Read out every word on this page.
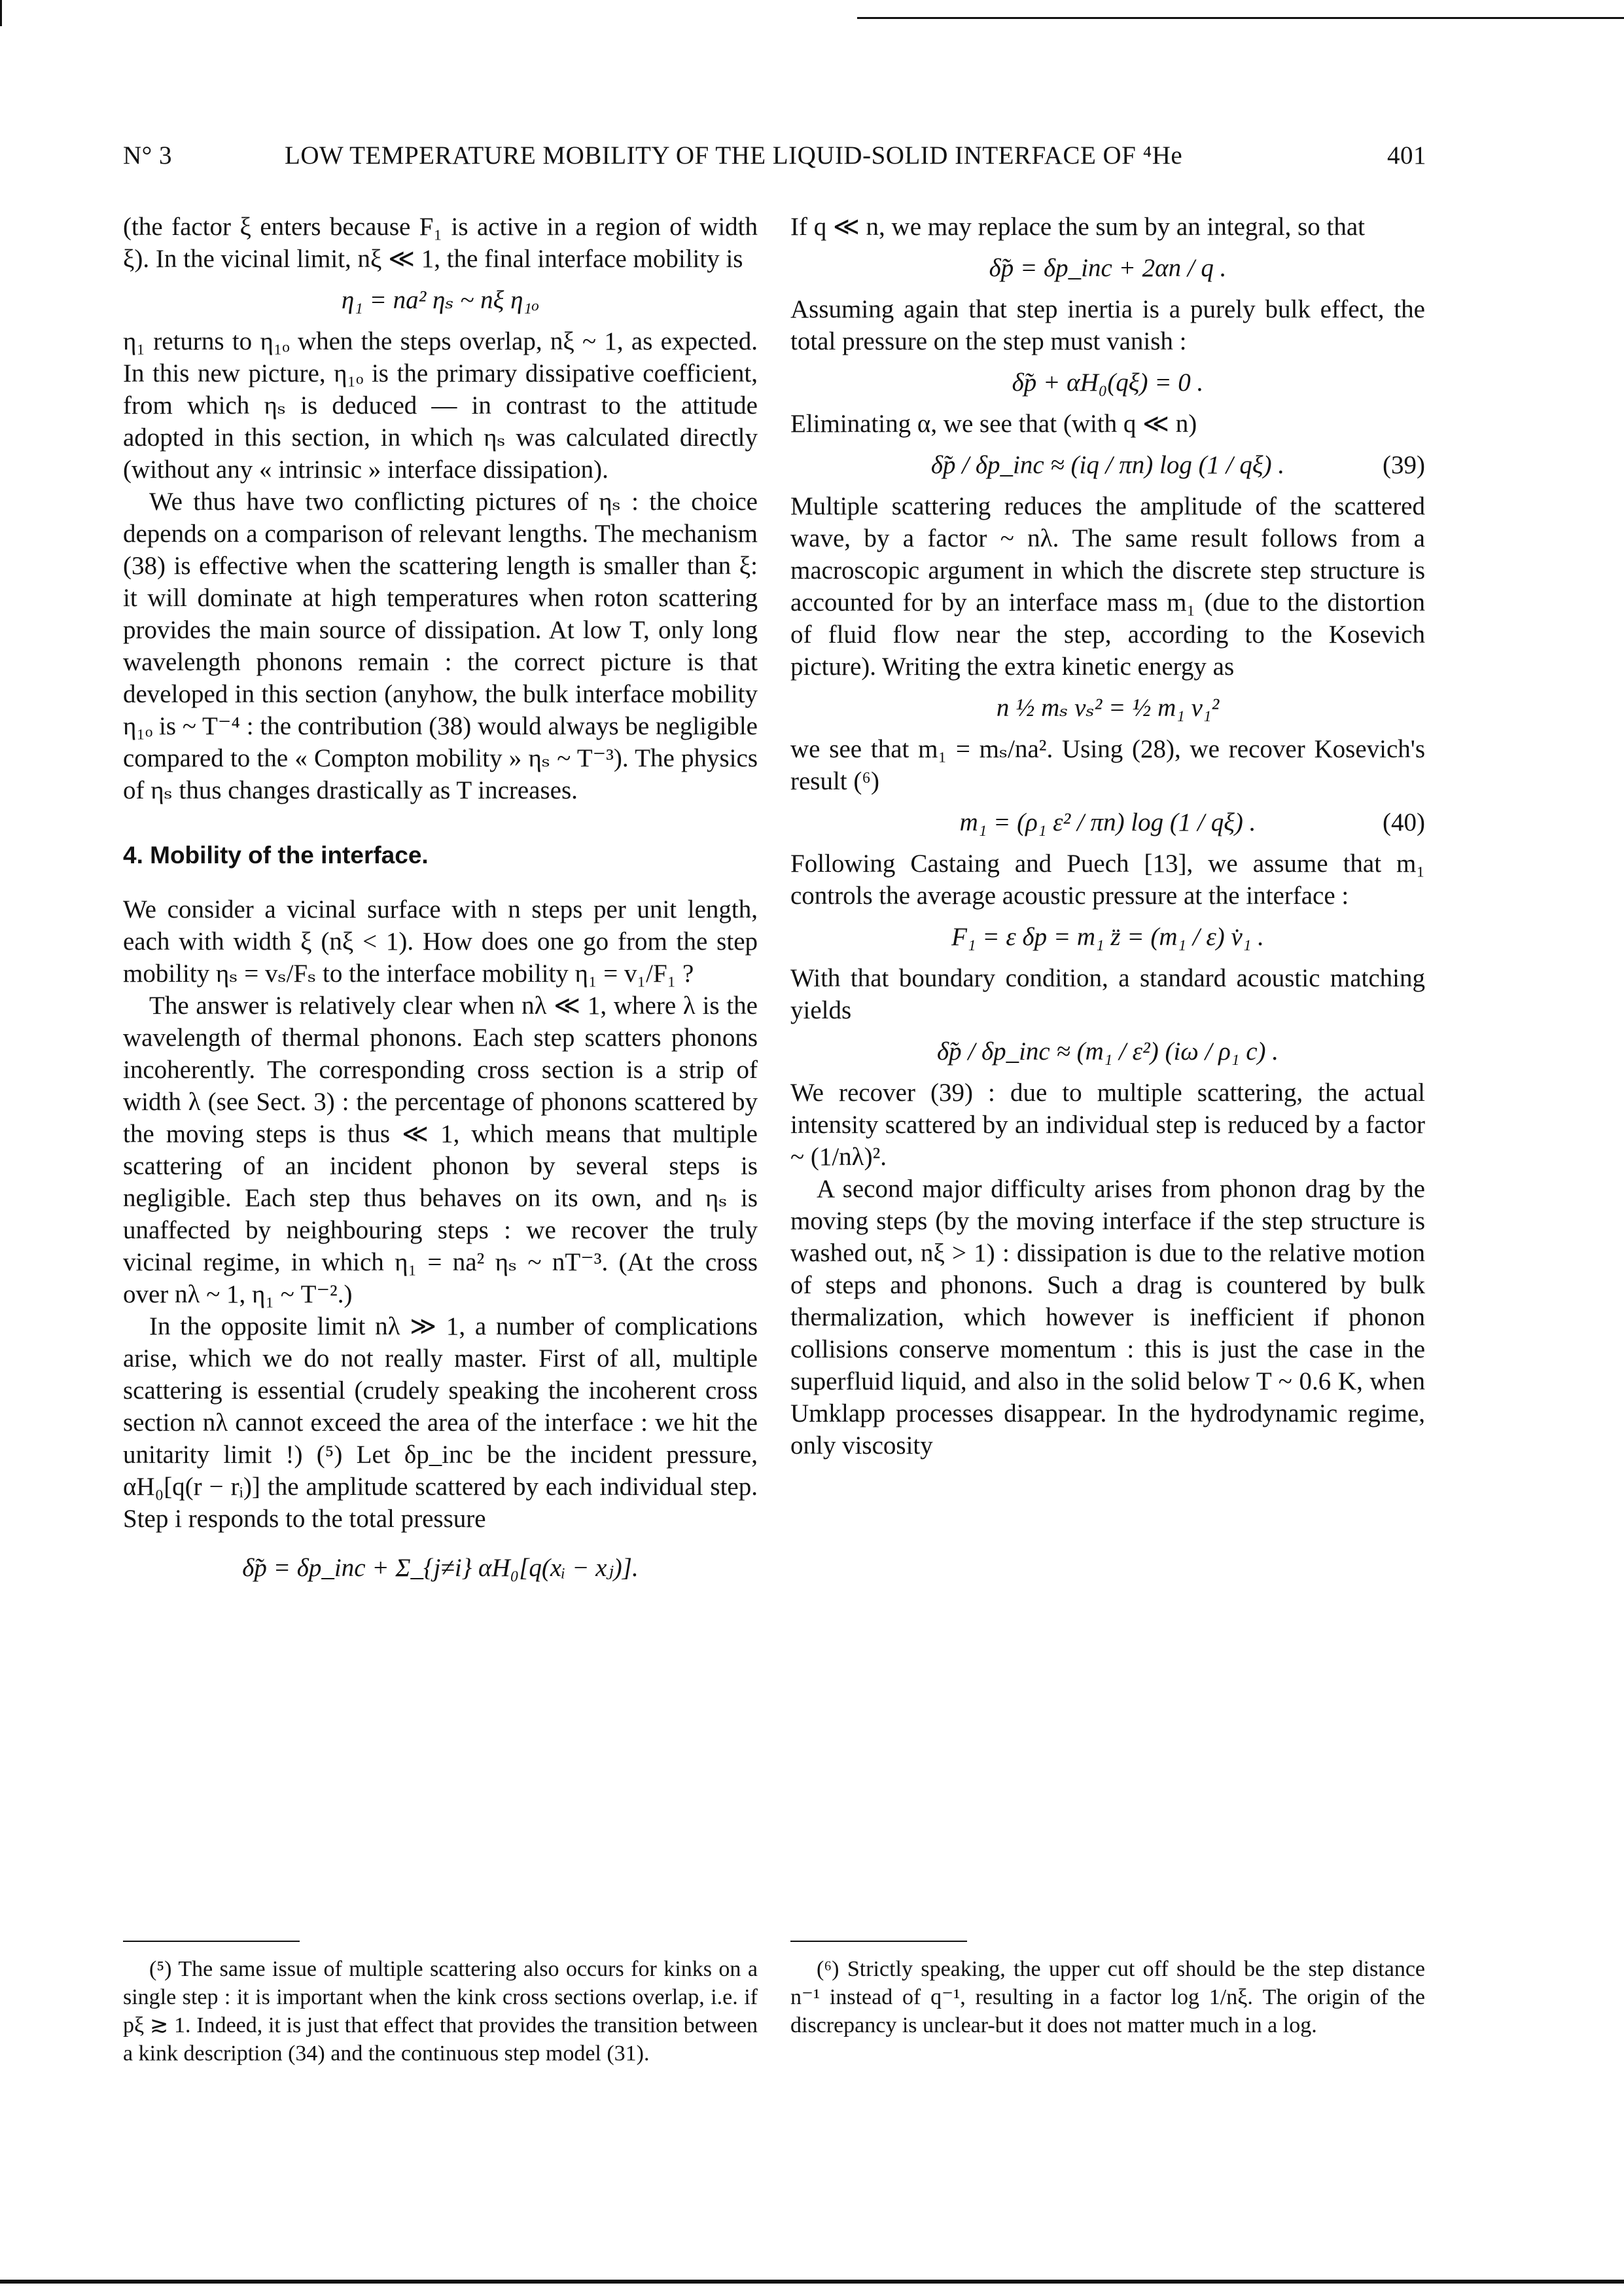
N° 3	LOW TEMPERATURE MOBILITY OF THE LIQUID-SOLID INTERFACE OF ⁴He	401

(the factor ξ enters because F₁ is active in a region of width ξ). In the vicinal limit, nξ ≪ 1, the final interface mobility is

η₁ = na² ηₛ ~ nξ η₁ₒ

η₁ returns to η₁ₒ when the steps overlap, nξ ~ 1, as expected. In this new picture, η₁ₒ is the primary dissipative coefficient, from which ηₛ is deduced — in contrast to the attitude adopted in this section, in which ηₛ was calculated directly (without any « intrinsic » interface dissipation).

We thus have two conflicting pictures of ηₛ : the choice depends on a comparison of relevant lengths. The mechanism (38) is effective when the scattering length is smaller than ξ: it will dominate at high temperatures when roton scattering provides the main source of dissipation. At low T, only long wavelength phonons remain : the correct picture is that developed in this section (anyhow, the bulk interface mobility η₁ₒ is ~ T⁻⁴ : the contribution (38) would always be negligible compared to the « Compton mobility » ηₛ ~ T⁻³). The physics of ηₛ thus changes drastically as T increases.

4. Mobility of the interface.

We consider a vicinal surface with n steps per unit length, each with width ξ (nξ < 1). How does one go from the step mobility ηₛ = vₛ/Fₛ to the interface mobility η₁ = v₁/F₁ ?

The answer is relatively clear when nλ ≪ 1, where λ is the wavelength of thermal phonons. Each step scatters phonons incoherently. The corresponding cross section is a strip of width λ (see Sect. 3) : the percentage of phonons scattered by the moving steps is thus ≪ 1, which means that multiple scattering of an incident phonon by several steps is negligible. Each step thus behaves on its own, and ηₛ is unaffected by neighbouring steps : we recover the truly vicinal regime, in which η₁ = na² ηₛ ~ nT⁻³. (At the cross over nλ ~ 1, η₁ ~ T⁻².)

In the opposite limit nλ ≫ 1, a number of complications arise, which we do not really master. First of all, multiple scattering is essential (crudely speaking the incoherent cross section nλ cannot exceed the area of the interface : we hit the unitarity limit !) (⁵) Let δp_inc be the incident pressure, αH₀[q(r − rᵢ)] the amplitude scattered by each individual step. Step i responds to the total pressure

δ̃p = δp_inc + Σ_{j≠i} αH₀[q(xᵢ − xⱼ)].

If q ≪ n, we may replace the sum by an integral, so that

δ̃p = δp_inc + 2αn / q .

Assuming again that step inertia is a purely bulk effect, the total pressure on the step must vanish :

δ̃p + αH₀(qξ) = 0 .

Eliminating α, we see that (with q ≪ n)

δ̃p / δp_inc ≈ (iq / πn) log (1 / qξ) .	(39)

Multiple scattering reduces the amplitude of the scattered wave, by a factor ~ nλ. The same result follows from a macroscopic argument in which the discrete step structure is accounted for by an interface mass m₁ (due to the distortion of fluid flow near the step, according to the Kosevich picture). Writing the extra kinetic energy as

n ½ mₛ vₛ² = ½ m₁ v₁²

we see that m₁ = mₛ/na². Using (28), we recover Kosevich's result (⁶)

m₁ = (ρ₁ ε² / πn) log (1 / qξ) .	(40)

Following Castaing and Puech [13], we assume that m₁ controls the average acoustic pressure at the interface :

F₁ = ε δp = m₁ z̈ = (m₁ / ε) v̇₁ .

With that boundary condition, a standard acoustic matching yields

δ̃p / δp_inc ≈ (m₁ / ε²) (iω / ρ₁ c) .

We recover (39) : due to multiple scattering, the actual intensity scattered by an individual step is reduced by a factor ~ (1/nλ)².

A second major difficulty arises from phonon drag by the moving steps (by the moving interface if the step structure is washed out, nξ > 1) : dissipation is due to the relative motion of steps and phonons. Such a drag is countered by bulk thermalization, which however is inefficient if phonon collisions conserve momentum : this is just the case in the superfluid liquid, and also in the solid below T ~ 0.6 K, when Umklapp processes disappear. In the hydrodynamic regime, only viscosity

(⁵) The same issue of multiple scattering also occurs for kinks on a single step : it is important when the kink cross sections overlap, i.e. if pξ ≳ 1. Indeed, it is just that effect that provides the transition between a kink description (34) and the continuous step model (31).

(⁶) Strictly speaking, the upper cut off should be the step distance n⁻¹ instead of q⁻¹, resulting in a factor log 1/nξ. The origin of the discrepancy is unclear-but it does not matter much in a log.
